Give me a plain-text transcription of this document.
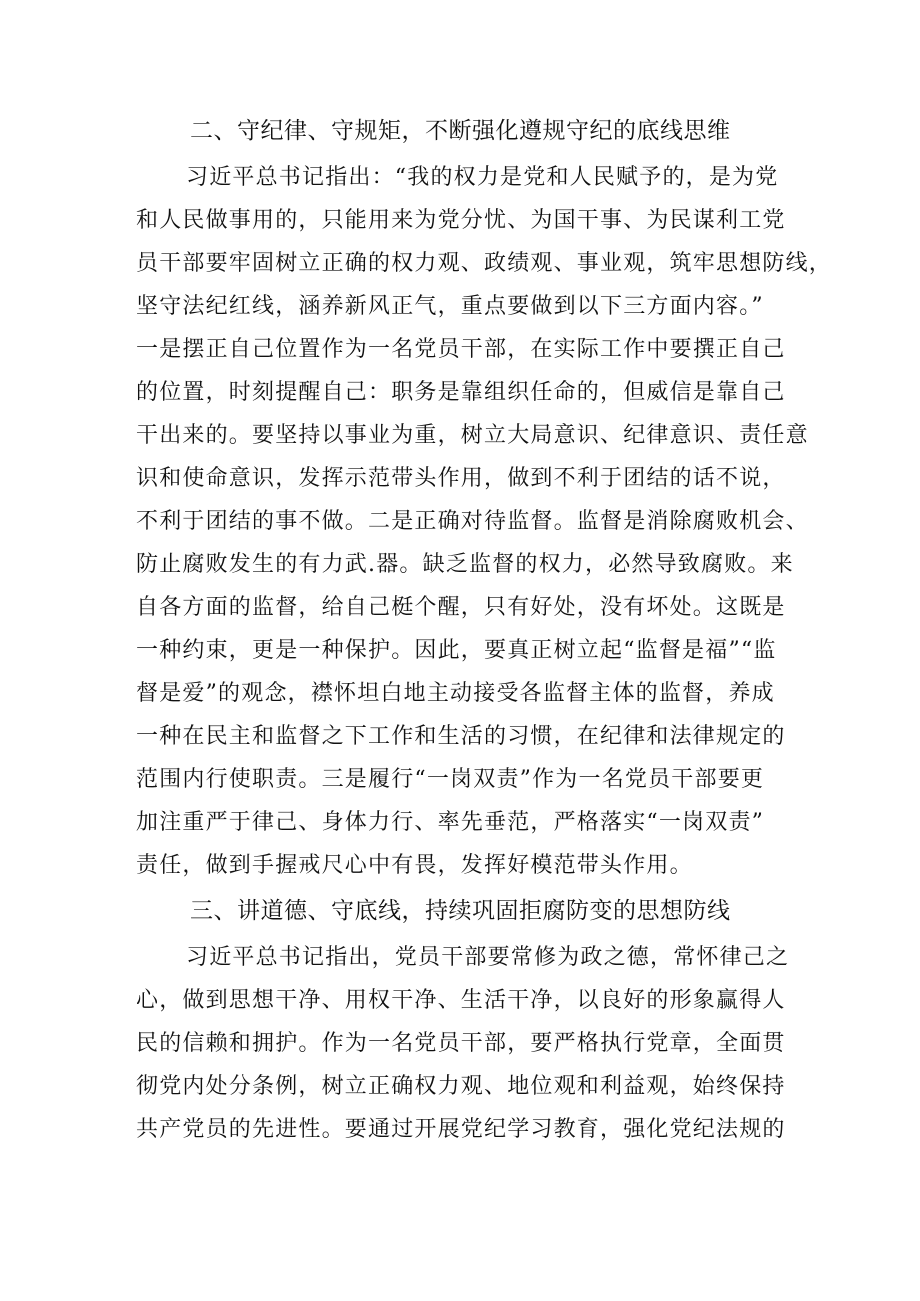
二、守纪律、守规矩，不断强化遵规守纪的底线思维
习近平总书记指出：“我的权力是党和人民赋予的，是为党
和人民做事用的，只能用来为党分忧、为国干事、为民谋利工党
员干部要牢固树立正确的权力观、政绩观、事业观，筑牢思想防线，
坚守法纪红线，涵养新风正气，重点要做到以下三方面内容。”
一是摆正自己位置作为一名党员干部，在实际工作中要撰正自己
的位置，时刻提醒自己：职务是靠组织任命的，但威信是靠自己
干出来的。要坚持以事业为重，树立大局意识、纪律意识、责任意
识和使命意识，发挥示范带头作用，做到不利于团结的话不说，
不利于团结的事不做。二是正确对待监督。监督是消除腐败机会、
防止腐败发生的有力武.器。缺乏监督的权力，必然导致腐败。来
自各方面的监督，给自己梃个醒，只有好处，没有坏处。这既是
一种约束，更是一种保护。因此，要真正树立起“监督是福”“监
督是爱”的观念，襟怀坦白地主动接受各监督主体的监督，养成
一种在民主和监督之下工作和生活的习惯，在纪律和法律规定的
范围内行使职责。三是履行“一岗双责”作为一名党员干部要更
加注重严于律己、身体力行、率先垂范，严格落实“一岗双责”
责任，做到手握戒尺心中有畏，发挥好模范带头作用。
三、讲道德、守底线，持续巩固拒腐防变的思想防线
习近平总书记指出，党员干部要常修为政之德，常怀律己之
心，做到思想干净、用权干净、生活干净，以良好的形象赢得人
民的信赖和拥护。作为一名党员干部，要严格执行党章，全面贯
彻党内处分条例，树立正确权力观、地位观和利益观，始终保持
共产党员的先进性。要通过开展党纪学习教育，强化党纪法规的
